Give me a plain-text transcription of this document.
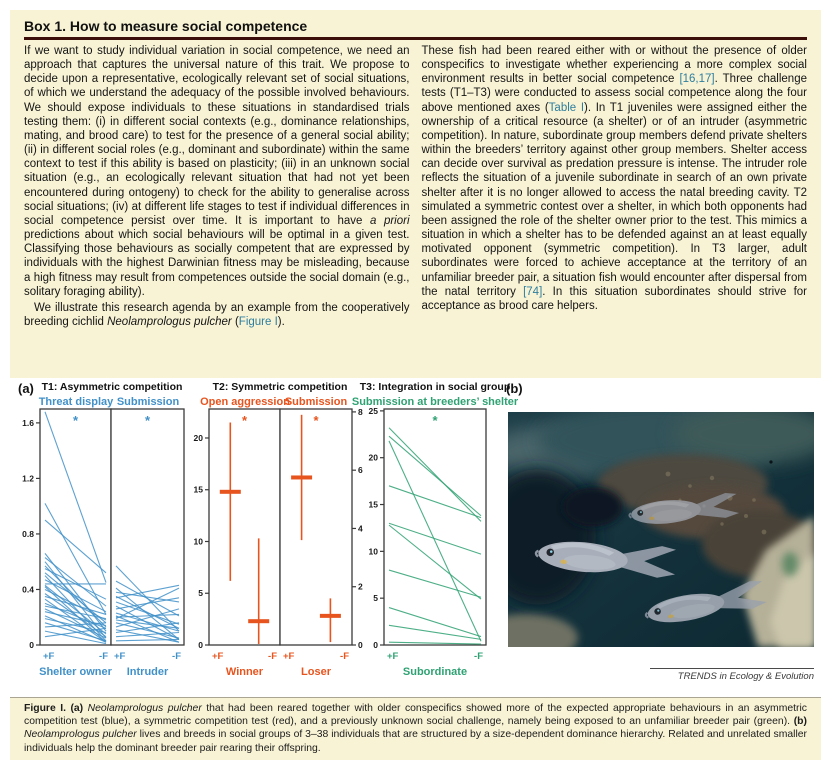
Box 1. How to measure social competence

If we want to study individual variation in social competence, we need an approach that captures the universal nature of this trait. We propose to decide upon a representative, ecologically relevant set of social situations, of which we understand the adequacy of the possible involved behaviours. We should expose individuals to these situations in standardised trials testing them: (i) in different social contexts (e.g., dominance relationships, mating, and brood care) to test for the presence of a general social ability; (ii) in different social roles (e.g., dominant and subordinate) within the same context to test if this ability is based on plasticity; (iii) in an unknown social situation (e.g., an ecologically relevant situation that had not yet been encountered during ontogeny) to check for the ability to generalise across social situations; (iv) at different life stages to test if individual differences in social competence persist over time. It is important to have a priori predictions about which social behaviours will be optimal in a given test. Classifying those behaviours as socially competent that are expressed by individuals with the highest Darwinian fitness may be misleading, because a high fitness may result from competences outside the social domain (e.g., solitary foraging ability).

We illustrate this research agenda by an example from the cooperatively breeding cichlid Neolamprologus pulcher (Figure I).

These fish had been reared either with or without the presence of older conspecifics to investigate whether experiencing a more complex social environment results in better social competence [16,17]. Three challenge tests (T1–T3) were conducted to assess social competence along the four above mentioned axes (Table I). In T1 juveniles were assigned either the ownership of a critical resource (a shelter) or of an intruder (asymmetric competition). In nature, subordinate group members defend private shelters within the breeders’ territory against other group members. Shelter access can decide over survival as predation pressure is intense. The intruder role reflects the situation of a juvenile subordinate in search of an own private shelter after it is no longer allowed to access the natal breeding cavity. T2 simulated a symmetric contest over a shelter, in which both opponents had been assigned the role of the shelter owner prior to the test. This mimics a situation in which a shelter has to be defended against an at least equally motivated opponent (symmetric competition). In T3 larger, adult subordinates were forced to achieve acceptance at the territory of an unfamiliar breeder pair, a situation fish would encounter after dispersal from the natal territory [74]. In this situation subordinates should strive for acceptance as brood care helpers.

(a) T1: Asymmetric competition	T2: Symmetric competition T3: Integration in social group
Threat display Submission Open aggression
Submission Submission at breeders’ shelter
0
0.4
0.8
1.2
1.6	*
+F	-F
Shelter owner
*
+F	-F
Intruder
0
5
10
15
20
*
+F	-F
Winner
0
2
4
6
8
*
+F	-F
Loser
0
5
10
15
20
25
*
+F	-F
Subordinate
(b)
TRENDS in Ecology & Evolution
Figure I. (a) Neolamprologus pulcher that had been reared together with older conspecifics showed more of the expected appropriate behaviours in an asymmetric competition test (blue), a symmetric competition test (red), and a previously unknown social challenge, namely being exposed to an unfamiliar breeder pair (green). (b) Neolamprologus pulcher lives and breeds in social groups of 3–38 individuals that are structured by a size-dependent dominance hierarchy. Related and unrelated smaller individuals help the dominant breeder pair rearing their offspring.
